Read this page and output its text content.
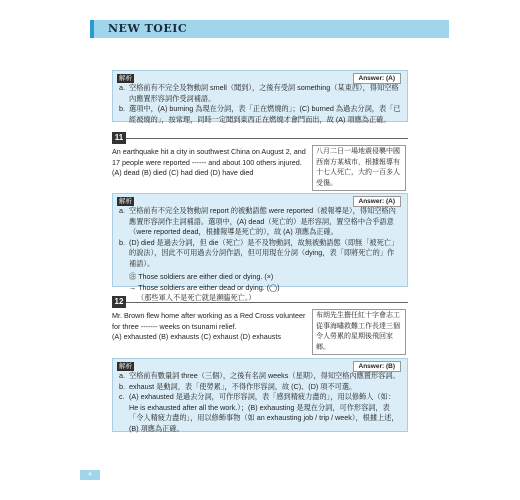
NEW TOEIC
解析	Answer: (A)
a. 空格前有不完全及物動詞 smell（聞到），之後有受詞 something（某東西），得知空格內應置形容詞作受詞補語。
b. 選項中，(A) burning 為現在分詞，表「正在燃燒的」；(C) burned 為過去分詞，表「已經被燒的」，按常理，同時一定聞到東西正在燃燒才會鬥而出，故 (A) 項應為正確。
11
An earthquake hit a city in southwest China on August 2, and 17 people were reported ------ and about 100 others injured.
(A) dead (B) died (C) had died (D) have died
八月二日一場地震侵襲中國西南方某城市，根據報導有十七人死亡，大約一百多人受傷。
解析	Answer: (A)
a. 空格前有不完全及物動詞 report 的被動語態 were reported（被報導是），得知空格內應置形容詞作主詞補語。選項中，(A) dead（死亡的）是形容詞，置空格中合乎語意（were reported dead，根據報導是死亡的），故 (A) 項應為正確。
b. (D) died 是過去分詞，但 die（死亡）是不及物動詞，故無被動語態（即無「被死亡」的說法），因此不可用過去分詞作語，但可用現在分詞（dying，表「即將死亡的」作補語）。
㊟ Those soldiers are either died or dying. (×)
→ Those soldiers are either dead or dying. (◯)
（那些軍人不是死亡就是瀕臨死亡。）
12
Mr. Brown flew home after working as a Red Cross volunteer for three ------- weeks on tsunami relief.
(A) exhausted (B) exhausts (C) exhaust (D) exhausts
布朗先生擔任紅十字會志工從事海嘯救難工作長達三個令人勞累的星期後飛回家鄉。
解析	Answer: (B)
a. 空格前有數量詞 three（三個），之後有名詞 weeks（星期），得知空格內應置形容詞。
b. exhaust 是動詞，表「使勞累」，不得作形容詞，故 (C)、(D) 項不可選。
c. (A) exhausted 是過去分詞，可作形容詞，表「感到精疲力盡的」，用以修飾人（如：He is exhausted after all the work.）；(B) exhausting 是現在分詞，可作形容詞，表「令人精疲力盡的」，用以修飾事物（如 an exhausting job / trip / week），根據上述，(B) 項應為正確。
4
